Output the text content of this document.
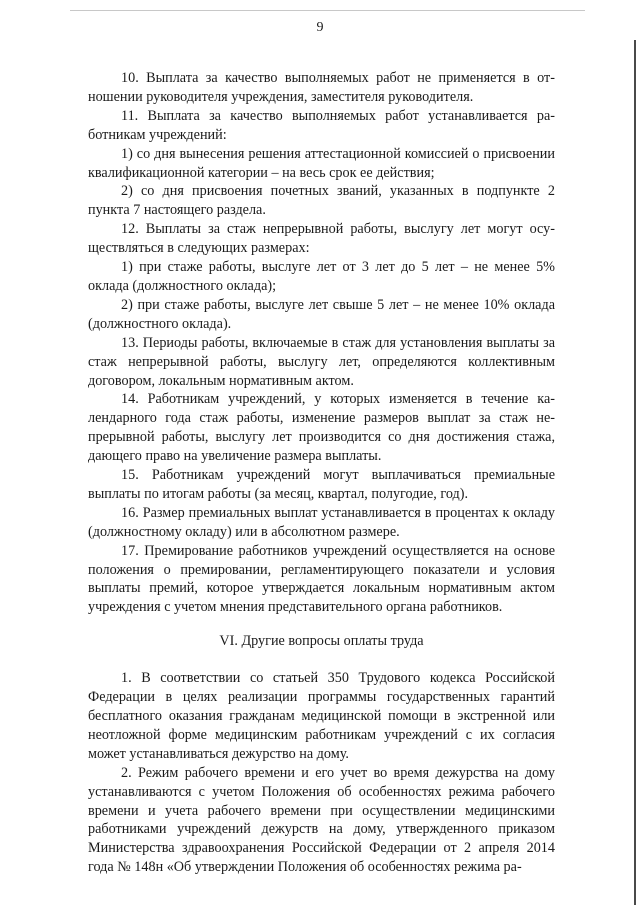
9

10. Выплата за качество выполняемых работ не применяется в отношении руководителя учреждения, заместителя руководителя.

11. Выплата за качество выполняемых работ устанавливается работникам учреждений:

1) со дня вынесения решения аттестационной комиссией о присвоении квалификационной категории – на весь срок ее действия;

2) со дня присвоения почетных званий, указанных в подпункте 2 пункта 7 настоящего раздела.

12. Выплаты за стаж непрерывной работы, выслугу лет могут осуществляться в следующих размерах:

1) при стаже работы, выслуге лет от 3 лет до 5 лет – не менее 5% оклада (должностного оклада);

2) при стаже работы, выслуге лет свыше 5 лет – не менее 10% оклада (должностного оклада).

13. Периоды работы, включаемые в стаж для установления выплаты за стаж непрерывной работы, выслугу лет, определяются коллективным договором, локальным нормативным актом.

14. Работникам учреждений, у которых изменяется в течение календарного года стаж работы, изменение размеров выплат за стаж непрерывной работы, выслугу лет производится со дня достижения стажа, дающего право на увеличение размера выплаты.

15. Работникам учреждений могут выплачиваться премиальные выплаты по итогам работы (за месяц, квартал, полугодие, год).

16. Размер премиальных выплат устанавливается в процентах к окладу (должностному окладу) или в абсолютном размере.

17. Премирование работников учреждений осуществляется на основе положения о премировании, регламентирующего показатели и условия выплаты премий, которое утверждается локальным нормативным актом учреждения с учетом мнения представительного органа работников.

VI. Другие вопросы оплаты труда

1. В соответствии со статьей 350 Трудового кодекса Российской Федерации в целях реализации программы государственных гарантий бесплатного оказания гражданам медицинской помощи в экстренной или неотложной форме медицинским работникам учреждений с их согласия может устанавливаться дежурство на дому.

2. Режим рабочего времени и его учет во время дежурства на дому устанавливаются с учетом Положения об особенностях режима рабочего времени и учета рабочего времени при осуществлении медицинскими работниками учреждений дежурств на дому, утвержденного приказом Министерства здравоохранения Российской Федерации от 2 апреля 2014 года № 148н «Об утверждении Положения об особенностях режима ра-
